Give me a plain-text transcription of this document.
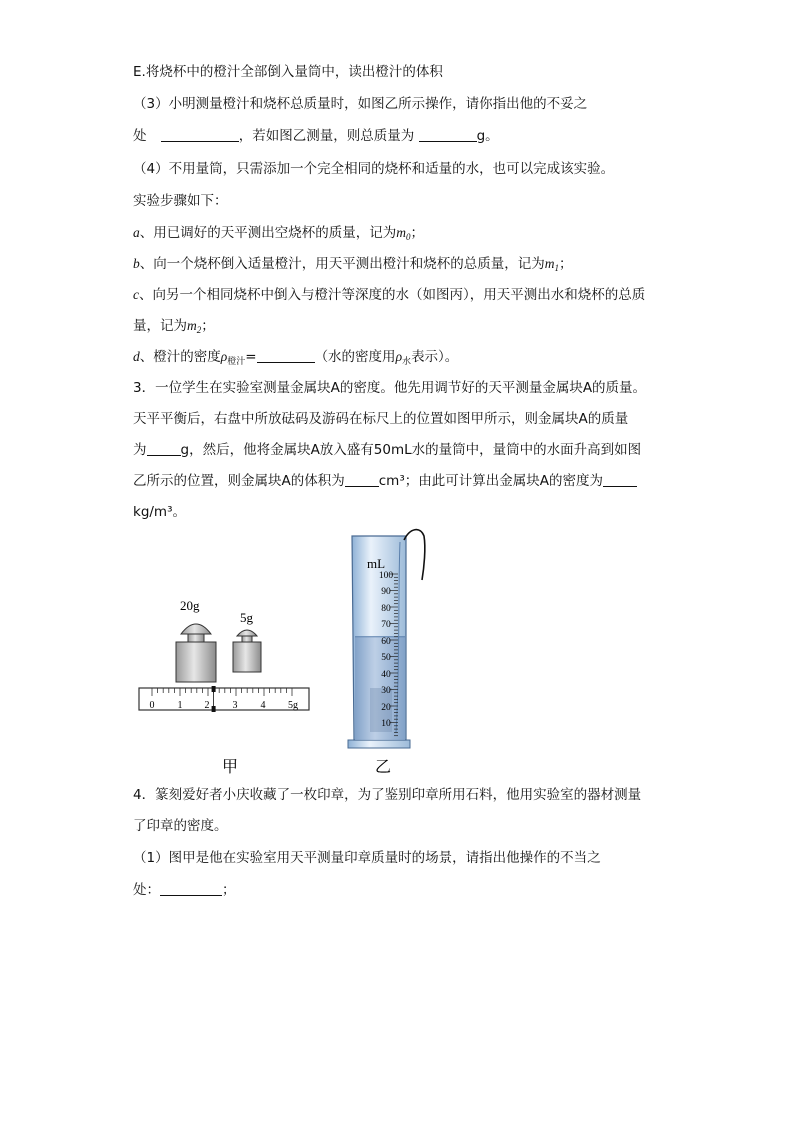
E.将烧杯中的橙汁全部倒入量筒中，读出橙汁的体积
（3）小明测量橙汁和烧杯总质量时，如图乙所示操作，请你指出他的不妥之
处	，若如图乙测量，则总质量为	g。
（4）不用量筒，只需添加一个完全相同的烧杯和适量的水，也可以完成该实验。
实验步骤如下：
a、用已调好的天平测出空烧杯的质量，记为$m_0$；
b、向一个烧杯倒入适量橙汁，用天平测出橙汁和烧杯的总质量，记为$m_1$；
c、向另一个相同烧杯中倒入与橙汁等深度的水（如图丙），用天平测出水和烧杯的总质
量，记为$m_2$；
d、橙汁的密度$\rho_{橙汁}=$	（水的密度用$\rho_水$表示）。
3．一位学生在实验室测量金属块A的密度。他先用调节好的天平测量金属块A的质量。
天平平衡后，右盘中所放砝码及游码在标尺上的位置如图甲所示，则金属块A的质量
为	g，然后，他将金属块A放入盛有50mL水的量筒中，量筒中的水面升高到如图
乙所示的位置，则金属块A的体积为	cm³；由此可计算出金属块A的密度为
kg/m³。
20g
5g
0 1 2 3 4 5g
甲
mL
100
90
80
70
60
50
40
30
20
10
乙
4．篆刻爱好者小庆收藏了一枚印章，为了鉴别印章所用石料，他用实验室的器材测量
了印章的密度。
（1）图甲是他在实验室用天平测量印章质量时的场景，请指出他操作的不当之
处：	；
